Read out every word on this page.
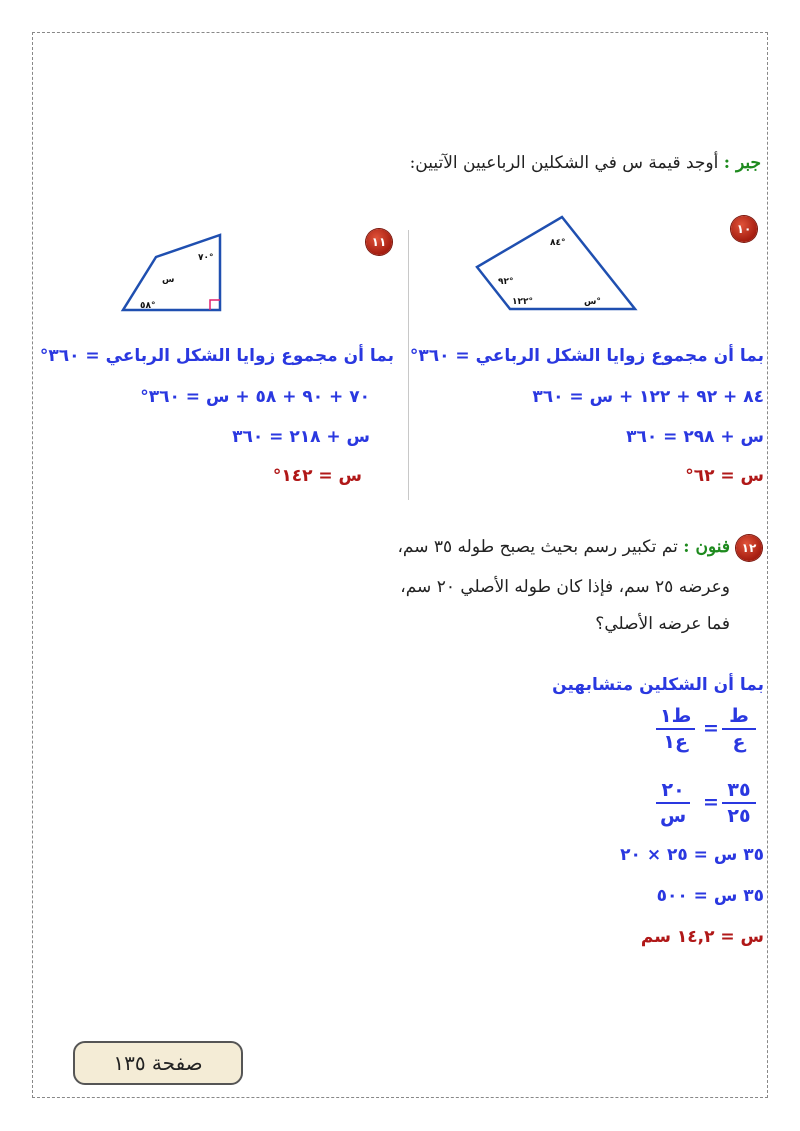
جبر : أوجد قيمة س في الشكلين الرباعيين الآتيين:
١٠
٨٤°
٩٢°
١٢٢°	س°
بما أن مجموع زوايا الشكل الرباعي = ٣٦٠°
٨٤ + ٩٢ + ١٢٢ + س = ٣٦٠
س + ٢٩٨ = ٣٦٠
س = ٦٢°
١١
٧٠°
س
٥٨°
بما أن مجموع زوايا الشكل الرباعي = ٣٦٠°
٧٠ + ٩٠ + ٥٨ + س = ٣٦٠°
س + ٢١٨ = ٣٦٠
س = ١٤٢°
١٢
فنون : تم تكبير رسم بحيث يصبح طوله ٣٥ سم،
وعرضه ٢٥ سم، فإذا كان طوله الأصلي ٢٠ سم،
فما عرضه الأصلي؟
بما أن الشكلين متشابهين
ط
ع
=
ط١
ع١
٣٥
٢٥
=
٢٠
س
٣٥ س = ٢٥ × ٢٠
٣٥ س = ٥٠٠
س = ١٤,٢ سم
صفحة ١٣٥
